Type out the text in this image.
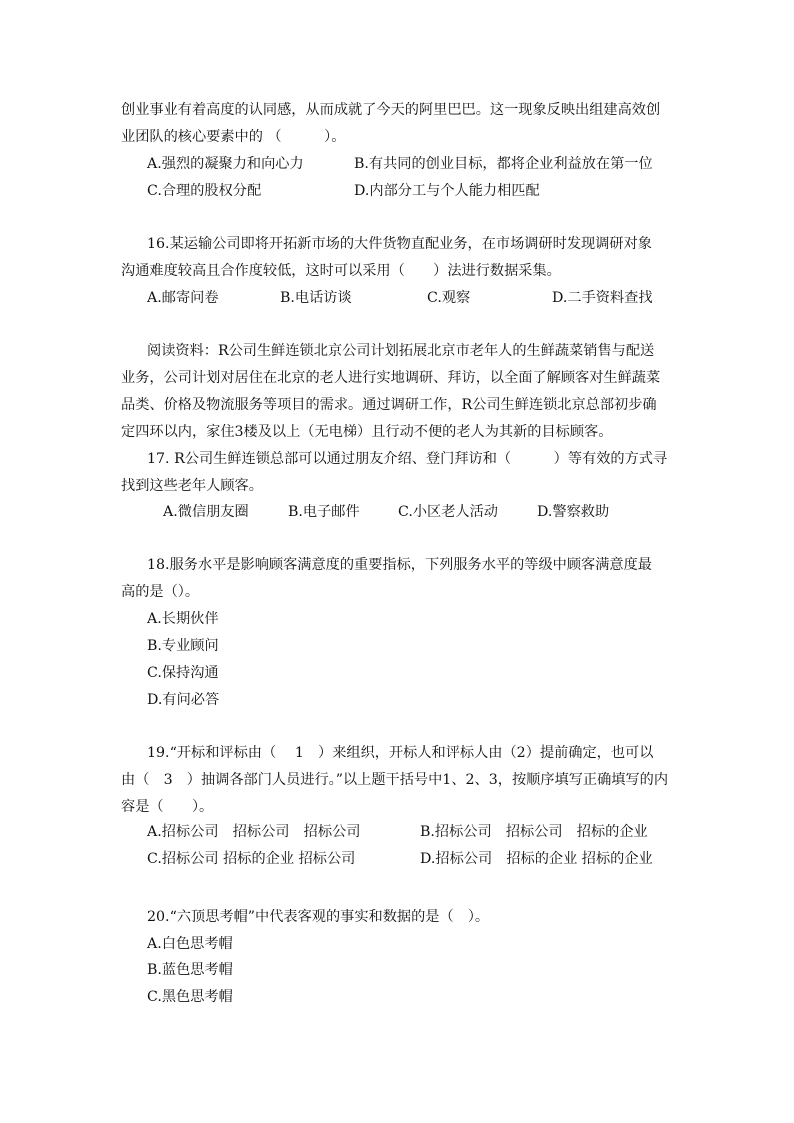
创业事业有着高度的认同感，从而成就了今天的阿里巴巴。这一现象反映出组建高效创
业团队的核心要素中的 （　　　）。
A.强烈的凝聚力和向心力	B.有共同的创业目标，都将企业利益放在第一位
C.合理的股权分配	D.内部分工与个人能力相匹配
16.某运输公司即将开拓新市场的大件货物直配业务，在市场调研时发现调研对象
沟通难度较高且合作度较低，这时可以采用（　　）法进行数据采集。
A.邮寄问卷	B.电话访谈	C.观察	D.二手资料查找
阅读资料：R公司生鲜连锁北京公司计划拓展北京市老年人的生鲜蔬菜销售与配送
业务，公司计划对居住在北京的老人进行实地调研、拜访，以全面了解顾客对生鲜蔬菜
品类、价格及物流服务等项目的需求。通过调研工作，R公司生鲜连锁北京总部初步确
定四环以内，家住3楼及以上（无电梯）且行动不便的老人为其新的目标顾客。
17. R公司生鲜连锁总部可以通过朋友介绍、登门拜访和（　　　）等有效的方式寻
找到这些老年人顾客。
A.微信朋友圈	B.电子邮件	C.小区老人活动	D.警察救助
18.服务水平是影响顾客满意度的重要指标，下列服务水平的等级中顾客满意度最
高的是（）。
A.长期伙伴
B.专业顾问
C.保持沟通
D.有问必答
19.“开标和评标由（　 1　）来组织，开标人和评标人由（2）提前确定，也可以
由（　3　）抽调各部门人员进行。”以上题干括号中1、2、3，按顺序填写正确填写的内
容是（　　）。
A.招标公司　招标公司　招标公司	B.招标公司　招标公司　招标的企业
C.招标公司 招标的企业 招标公司	D.招标公司　招标的企业 招标的企业
20.“六顶思考帽”中代表客观的事实和数据的是（　）。
A.白色思考帽
B.蓝色思考帽
C.黑色思考帽
